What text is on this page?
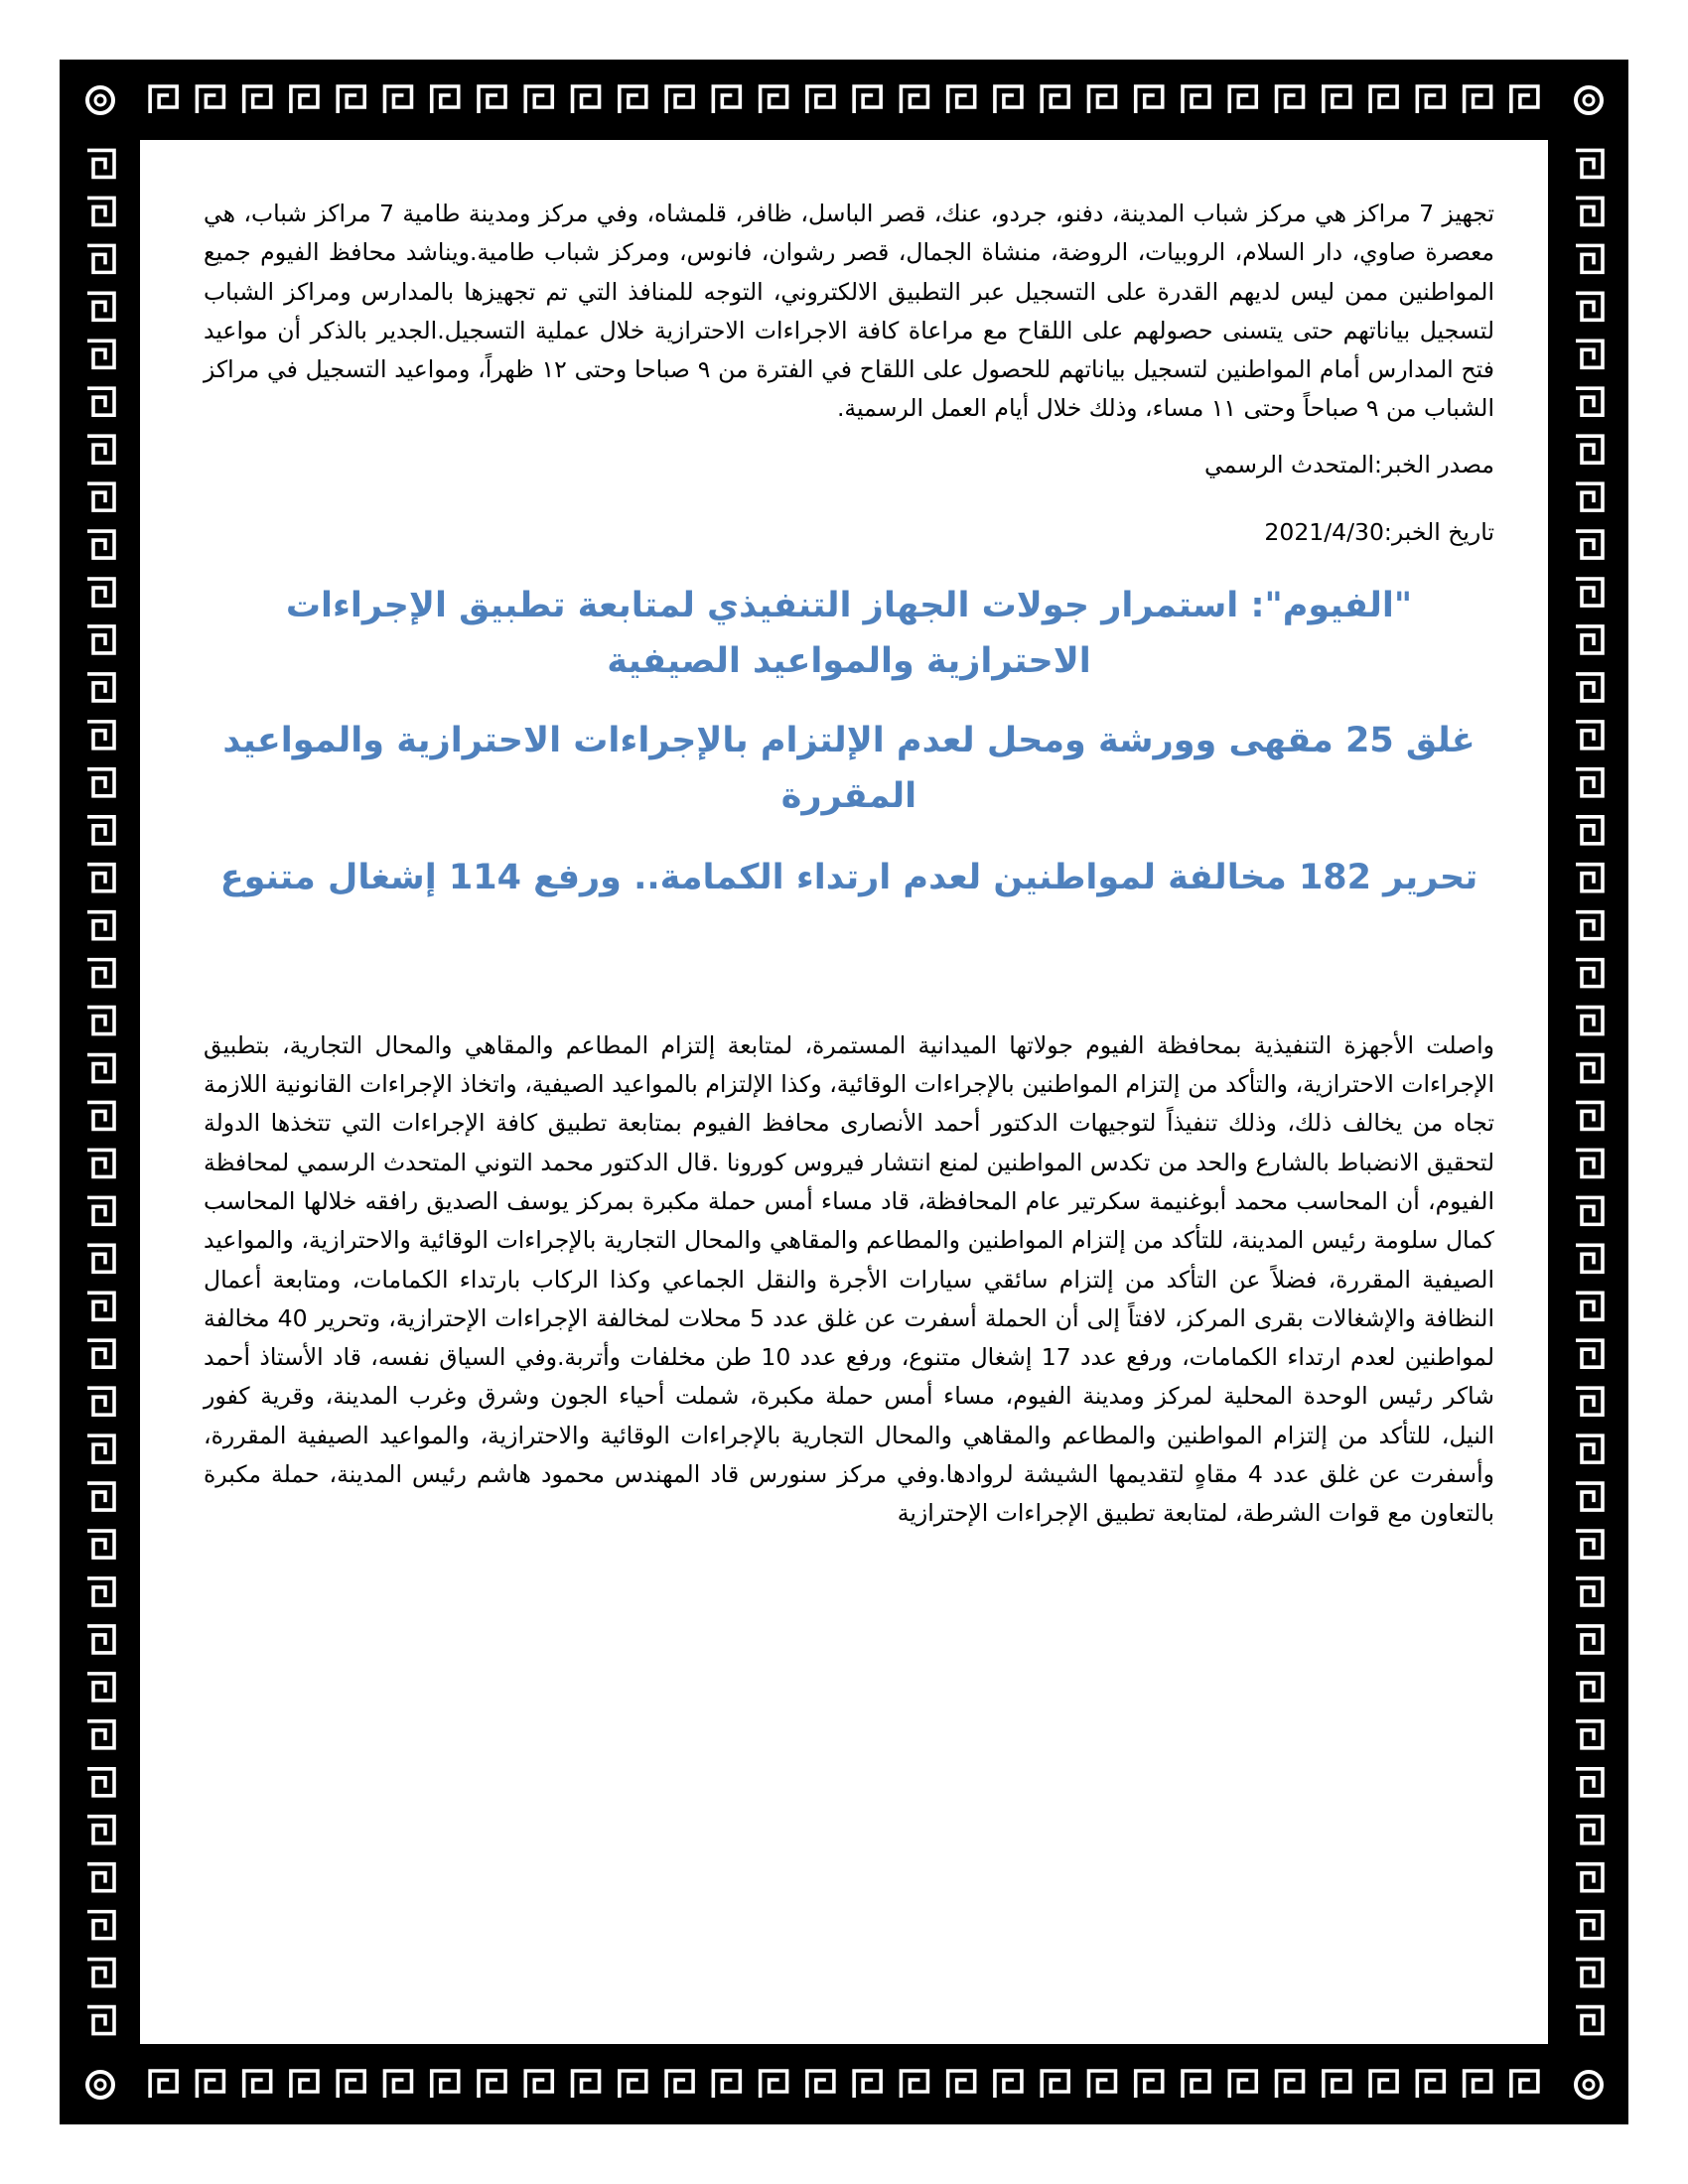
تجهيز 7 مراكز هي مركز شباب المدينة، دفنو، جردو، عنك، قصر الباسل، ظافر، قلمشاه، وفي مركز ومدينة طامية 7 مراكز شباب، هي معصرة صاوي، دار السلام، الروبيات، الروضة، منشاة الجمال، قصر رشوان، فانوس، ومركز شباب طامية.ويناشد محافظ الفيوم جميع المواطنين ممن ليس لديهم القدرة على التسجيل عبر التطبيق الالكتروني، التوجه للمنافذ التي تم تجهيزها بالمدارس ومراكز الشباب لتسجيل بياناتهم حتى يتسنى حصولهم على اللقاح مع مراعاة كافة الاجراءات الاحترازية خلال عملية التسجيل.الجدير بالذكر أن مواعيد فتح المدارس أمام المواطنين لتسجيل بياناتهم للحصول على اللقاح في الفترة من ٩ صباحا وحتى ١٢ ظهراً، ومواعيد التسجيل في مراكز الشباب من ٩ صباحاً وحتى ١١ مساء، وذلك خلال أيام العمل الرسمية.

مصدر الخبر:المتحدث الرسمي

تاريخ الخبر:2021/4/30

"الفيوم": استمرار جولات الجهاز التنفيذي لمتابعة تطبيق الإجراءات الاحترازية والمواعيد الصيفية
غلق 25 مقهى وورشة ومحل لعدم الإلتزام بالإجراءات الاحترازية والمواعيد المقررة
تحرير 182 مخالفة لمواطنين لعدم ارتداء الكمامة.. ورفع 114 إشغال متنوع

واصلت الأجهزة التنفيذية بمحافظة الفيوم جولاتها الميدانية المستمرة، لمتابعة إلتزام المطاعم والمقاهي والمحال التجارية، بتطبيق الإجراءات الاحترازية، والتأكد من إلتزام المواطنين بالإجراءات الوقائية، وكذا الإلتزام بالمواعيد الصيفية، واتخاذ الإجراءات القانونية اللازمة تجاه من يخالف ذلك، وذلك تنفيذاً لتوجيهات الدكتور أحمد الأنصارى محافظ الفيوم بمتابعة تطبيق كافة الإجراءات التي تتخذها الدولة لتحقيق الانضباط بالشارع والحد من تكدس المواطنين لمنع انتشار فيروس كورونا .قال الدكتور محمد التوني المتحدث الرسمي لمحافظة الفيوم، أن المحاسب محمد أبوغنيمة سكرتير عام المحافظة، قاد مساء أمس حملة مكبرة بمركز يوسف الصديق رافقه خلالها المحاسب كمال سلومة رئيس المدينة، للتأكد من إلتزام المواطنين والمطاعم والمقاهي والمحال التجارية بالإجراءات الوقائية والاحترازية، والمواعيد الصيفية المقررة، فضلاً عن التأكد من إلتزام سائقي سيارات الأجرة والنقل الجماعي وكذا الركاب بارتداء الكمامات، ومتابعة أعمال النظافة والإشغالات بقرى المركز، لافتاً إلى أن الحملة أسفرت عن غلق عدد 5 محلات لمخالفة الإجراءات الإحترازية، وتحرير 40 مخالفة لمواطنين لعدم ارتداء الكمامات، ورفع عدد 17 إشغال متنوع، ورفع عدد 10 طن مخلفات وأتربة.وفي السياق نفسه، قاد الأستاذ أحمد شاكر رئيس الوحدة المحلية لمركز ومدينة الفيوم، مساء أمس حملة مكبرة، شملت أحياء الجون وشرق وغرب المدينة، وقرية كفور النيل، للتأكد من إلتزام المواطنين والمطاعم والمقاهي والمحال التجارية بالإجراءات الوقائية والاحترازية، والمواعيد الصيفية المقررة، وأسفرت عن غلق عدد 4 مقاهٍ لتقديمها الشيشة لروادها.وفي مركز سنورس قاد المهندس محمود هاشم رئيس المدينة، حملة مكبرة بالتعاون مع قوات الشرطة، لمتابعة تطبيق الإجراءات الإحترازية
